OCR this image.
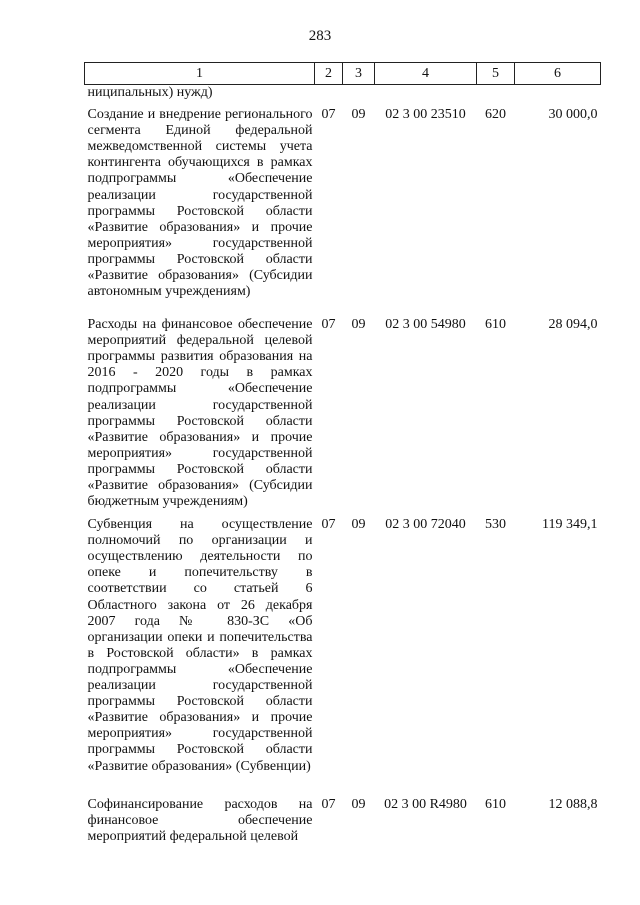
283
1	2	3	4	5	6
ниципальных) нужд)					
Создание и внедрение регионального сегмента Единой федеральной межведомственной системы учета контингента обучающихся в рамках подпрограммы «Обеспечение реализации государственной программы Ростовской области «Развитие образования» и прочие мероприятия» государственной программы Ростовской области «Развитие образования» (Субсидии автономным учреждениям)	07	09	02 3 00 23510	620	30 000,0
Расходы на финансовое обеспечение мероприятий федеральной целевой программы развития образования на 2016 - 2020 годы в рамках подпрограммы «Обеспечение реализации государственной программы Ростовской области «Развитие образования» и прочие мероприятия» государственной программы Ростовской области «Развитие образования» (Субсидии бюджетным учреждениям)	07	09	02 3 00 54980	610	28 094,0
Субвенция на осуществление полномочий по организации и осуществлению деятельности по опеке и попечительству в соответствии со статьей 6 Областного закона от 26 декабря 2007 года № 830-ЗС «Об организации опеки и попечительства в Ростовской области» в рамках подпрограммы «Обеспечение реализации государственной программы Ростовской области «Развитие образования» и прочие мероприятия» государственной программы Ростовской области «Развитие образования» (Субвенции)	07	09	02 3 00 72040	530	119 349,1
Софинансирование расходов на финансовое обеспечение мероприятий федеральной целевой	07	09	02 3 00 R4980	610	12 088,8
